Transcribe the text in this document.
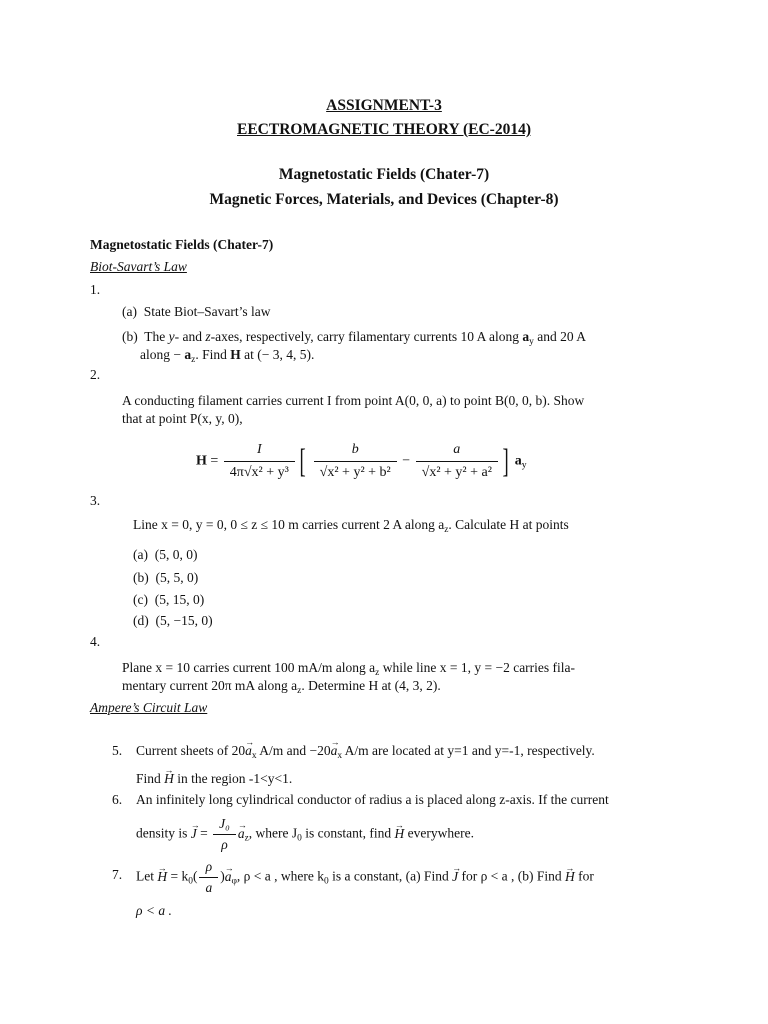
ASSIGNMENT-3
EECTROMAGNETIC THEORY (EC-2014)
Magnetostatic Fields (Chater-7)
Magnetic Forces, Materials, and Devices (Chapter-8)
Magnetostatic Fields (Chater-7)
Biot-Savart’s Law
1.
(a) State Biot–Savart’s law
(b) The y- and z-axes, respectively, carry filamentary currents 10 A along $a_y$ and 20 A
along − $a_z$. Find H at (− 3, 4, 5).
2.
A conducting filament carries current I from point A(0, 0, a) to point B(0, 0, b). Show
that at point P(x, y, 0),
$H = \frac{I}{\text{4π√x² + y³}}$ [ $\frac{b}{\text{√x² + y² + b²}} - \frac{a}{\text{√x² + y² + a²}}$ ] $a_y$
3.
Line x = 0, y = 0, 0 ≤ z ≤ 10 m carries current 2 A along $a_z$. Calculate H at points
(a) (5, 0, 0)
(b) (5, 5, 0)
(c) (5, 15, 0)
(d) (5, −15, 0)
4.
Plane x = 10 carries current 100 mA/m along $a_z$ while line x = 1, y = −2 carries fila-
mentary current 20π mA along $a_z$. Determine H at (4, 3, 2).
Ampere’s Circuit Law
5. Current sheets of $20a \to_x$ A/m and $-20a \to_x$ A/m are located at y=1 and y=-1, respectively.
Find H → in the region -1<y<1.
6. An infinitely long cylindrical conductor of radius a is placed along z-axis. If the current
density is J → = $\frac{\text{J₀}}{\rho}$ $a \to_z$, where $J_0$ is constant, find H → everywhere.
7. Let H → = $k_0( \frac{\rho}{a} )a \to_\varphi$, ρ < a , where $k_0$ is a constant, (a) Find J → for ρ < a , (b) Find H → for
ρ < a .
